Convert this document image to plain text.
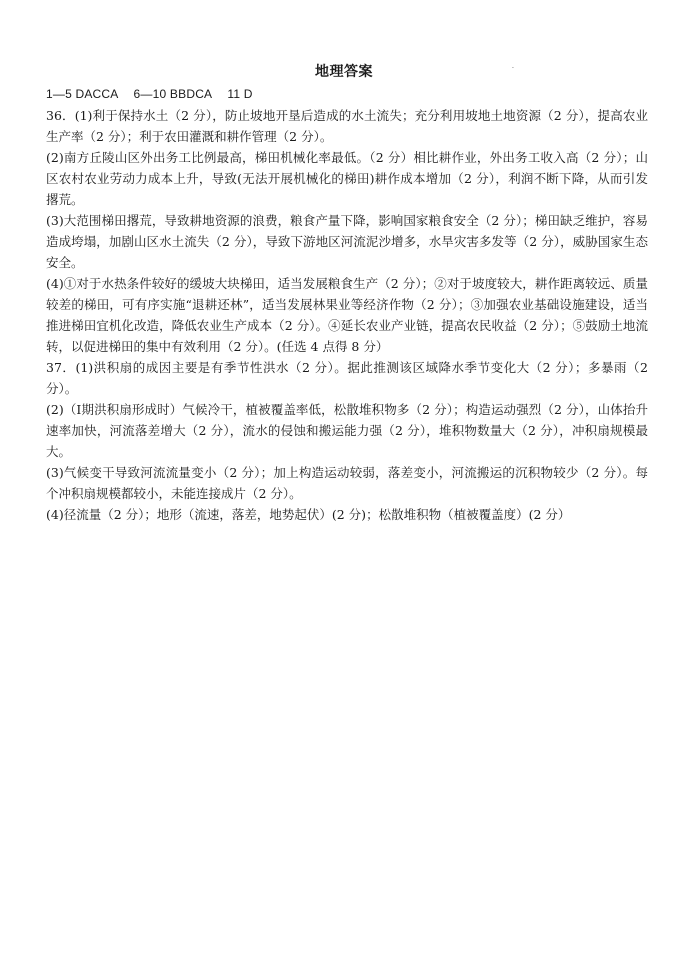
地理答案	.

1—5 DACCA　 6—10 BBDCA　 11 D

36．(1)利于保持水土（2 分），防止坡地开垦后造成的水土流失；充分利用坡地土地资源（2 分），提高农业生产率（2 分）；利于农田灌溉和耕作管理（2 分）。

(2)南方丘陵山区外出务工比例最高，梯田机械化率最低。（2 分）相比耕作业，外出务工收入高（2 分）；山区农村农业劳动力成本上升，导致(无法开展机械化的梯田)耕作成本增加（2 分），利润不断下降，从而引发撂荒。

(3)大范围梯田撂荒，导致耕地资源的浪费，粮食产量下降，影响国家粮食安全（2 分）；梯田缺乏维护，容易造成垮塌，加剧山区水土流失（2 分），导致下游地区河流泥沙增多，水旱灾害多发等（2 分），威胁国家生态安全。

(4)①对于水热条件较好的缓坡大块梯田，适当发展粮食生产（2 分）；②对于坡度较大，耕作距离较远、质量较差的梯田，可有序实施“退耕还林”，适当发展林果业等经济作物（2 分）；③加强农业基础设施建设，适当推进梯田宜机化改造，降低农业生产成本（2 分）。④延长农业产业链，提高农民收益（2 分）；⑤鼓励土地流转，以促进梯田的集中有效利用（2 分）。(任选 4 点得 8 分）

37．(1)洪积扇的成因主要是有季节性洪水（2 分）。据此推测该区域降水季节变化大（2 分）；多暴雨（2 分）。

(2)（Ⅰ期洪积扇形成时）气候冷干，植被覆盖率低，松散堆积物多（2 分）；构造运动强烈（2 分），山体抬升速率加快，河流落差增大（2 分），流水的侵蚀和搬运能力强（2 分），堆积物数量大（2 分），冲积扇规模最大。

(3)气候变干导致河流流量变小（2 分）；加上构造运动较弱，落差变小，河流搬运的沉积物较少（2 分）。每个冲积扇规模都较小，未能连接成片（2 分）。

(4)径流量（2 分）；地形（流速，落差，地势起伏）(2 分)；松散堆积物（植被覆盖度）(2 分）
